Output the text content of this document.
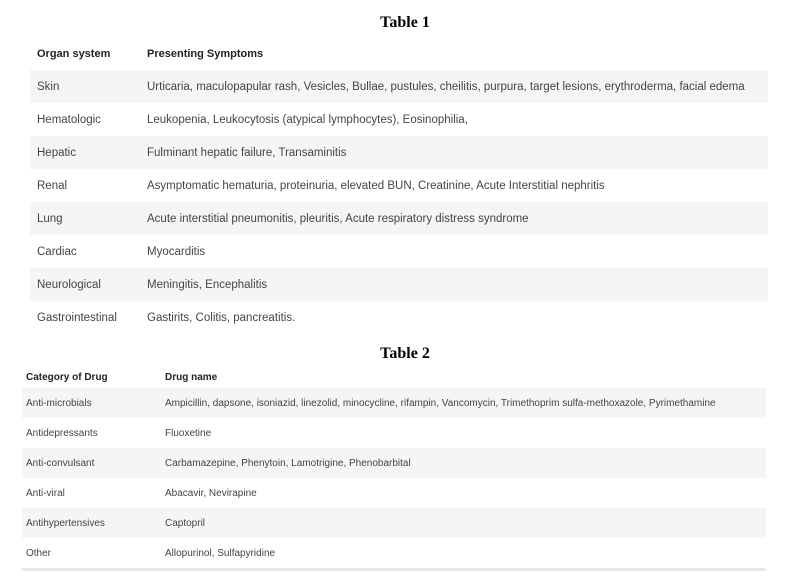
Table 1
Organ system	Presenting Symptoms
Skin	Urticaria, maculopapular rash, Vesicles, Bullae, pustules, cheilitis, purpura, target lesions, erythroderma, facial edema
Hematologic	Leukopenia, Leukocytosis (atypical lymphocytes), Eosinophilia,
Hepatic	Fulminant hepatic failure, Transaminitis
Renal	Asymptomatic hematuria, proteinuria, elevated BUN, Creatinine, Acute Interstitial nephritis
Lung	Acute interstitial pneumonitis, pleuritis, Acute respiratory distress syndrome
Cardiac	Myocarditis
Neurological	Meningitis, Encephalitis
Gastrointestinal	Gastirits, Colitis, pancreatitis.
Table 2
Category of Drug	Drug name
Anti-microbials	Ampicillin, dapsone, isoniazid, linezolid, minocycline, rifampin, Vancomycin, Trimethoprim sulfa-methoxazole, Pyrimethamine
Antidepressants	Fluoxetine
Anti-convulsant	Carbamazepine, Phenytoin, Lamotrigine, Phenobarbital
Anti-viral	Abacavir, Nevirapine
Antihypertensives	Captopril
Other	Allopurinol, Sulfapyridine
